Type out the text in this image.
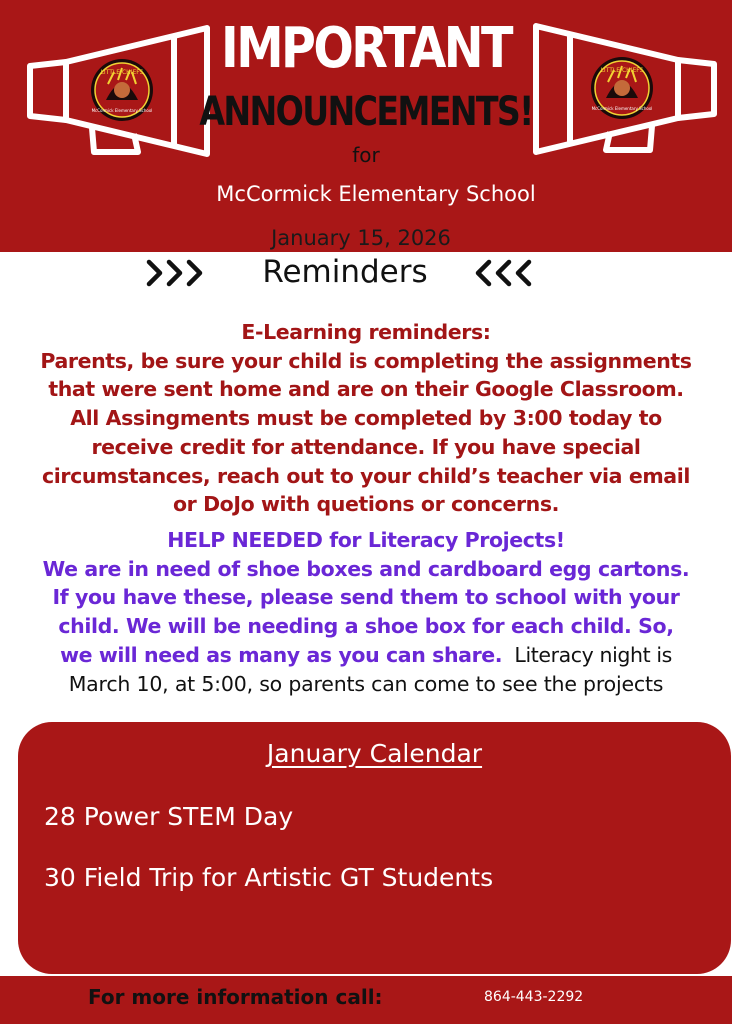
LITTLE CHIEFS
McCormick Elementary School
LITTLE CHIEFS
McCormick Elementary School
IMPORTANT
ANNOUNCEMENTS!
for
McCormick Elementary School
January 15, 2026
Reminders
E-Learning reminders:
Parents, be sure your child is completing the assignments
that were sent home and are on their Google Classroom.
All Assingments must be completed by 3:00 today to
receive credit for attendance. If you have special
circumstances, reach out to your child’s teacher via email
or DoJo with quetions or concerns.
HELP NEEDED for Literacy Projects!
We are in need of shoe boxes and cardboard egg cartons.
If you have these, please send them to school with your
child. We will be needing a shoe box for each child. So,
we will need as many as you can share.  Literacy night is
March 10, at 5:00, so parents can come to see the projects
January Calendar
28 Power STEM Day
30 Field Trip for Artistic GT Students
For more information call:	864-443-2292
